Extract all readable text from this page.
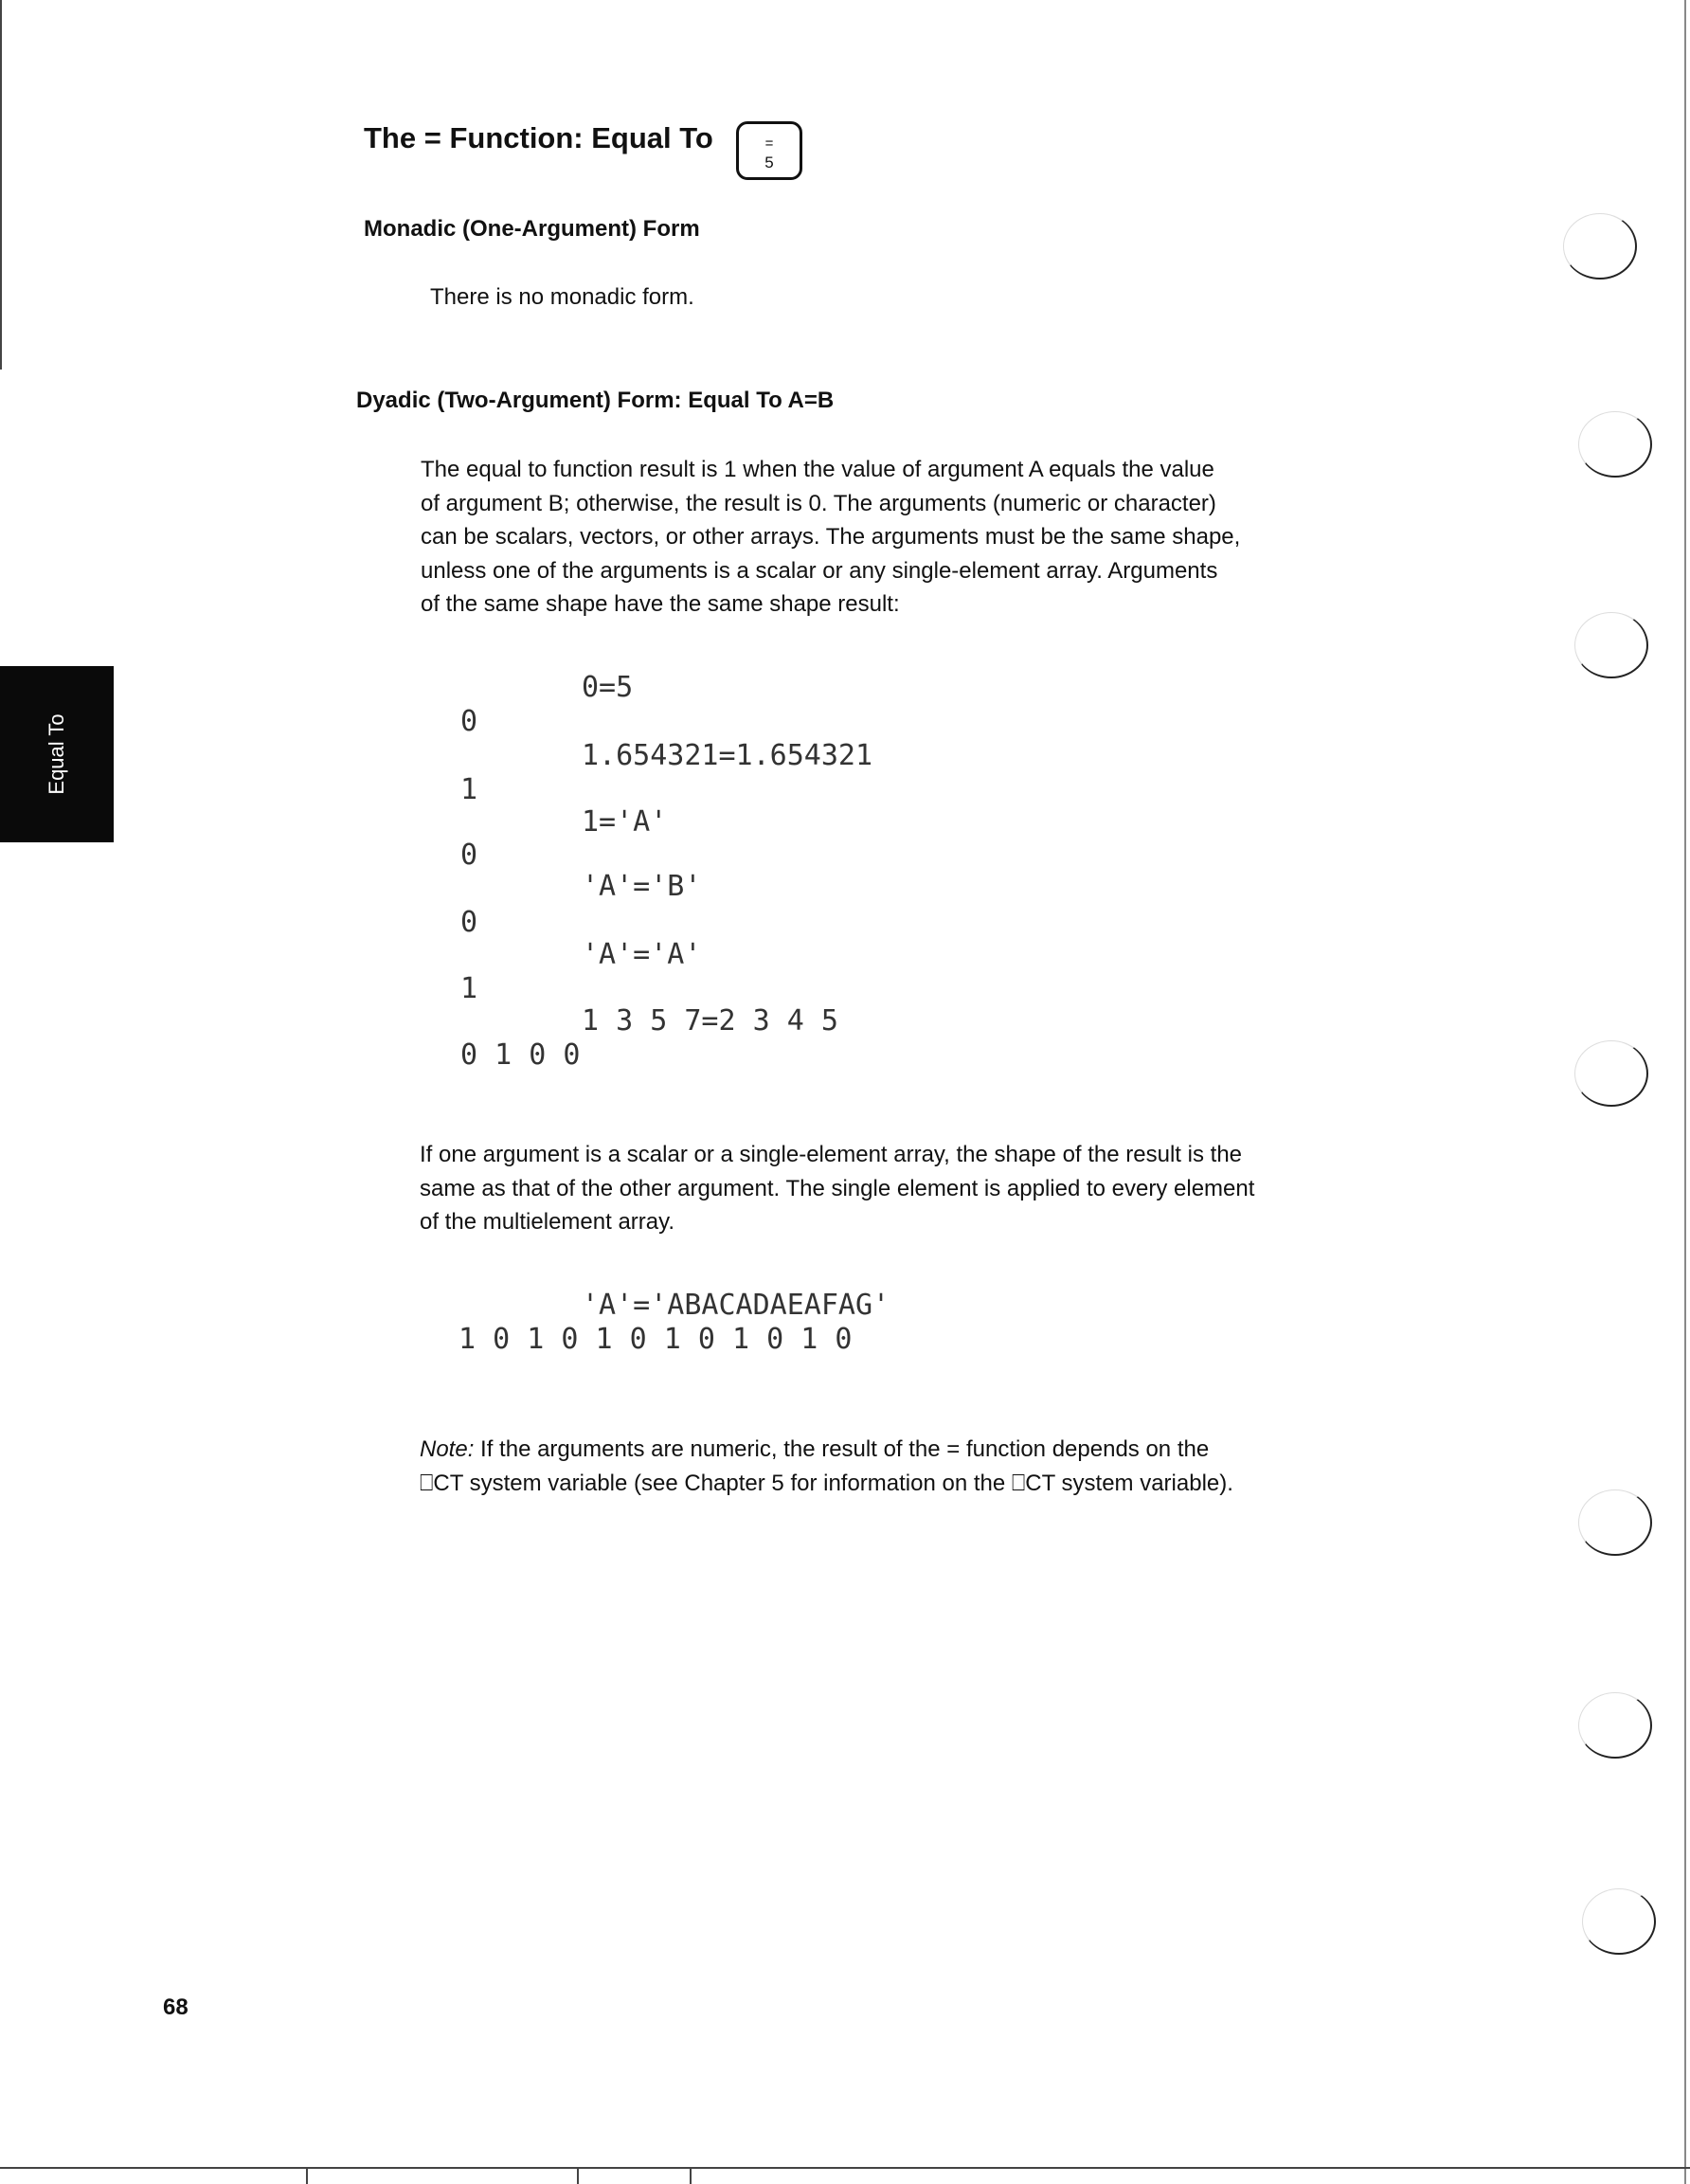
The = Function: Equal To	=
5
Monadic (One-Argument) Form
There is no monadic form.
Dyadic (Two-Argument) Form: Equal To A=B
The equal to function result is 1 when the value of argument A equals the value
of argument B; otherwise, the result is 0. The arguments (numeric or character)
can be scalars, vectors, or other arrays. The arguments must be the same shape,
unless one of the arguments is a scalar or any single-element array. Arguments
of the same shape have the same shape result:
0=5
0
1.654321=1.654321
1
1='A'
0
'A'='B'
0
'A'='A'
1
1 3 5 7=2 3 4 5
0 1 0 0
If one argument is a scalar or a single-element array, the shape of the result is the
same as that of the other argument. The single element is applied to every element
of the multielement array.
'A'='ABACADAEAFAG'
1 0 1 0 1 0 1 0 1 0 1 0
Note: If the arguments are numeric, the result of the = function depends on the
⎕CT system variable (see Chapter 5 for information on the ⎕CT system variable).
Equal To
68
